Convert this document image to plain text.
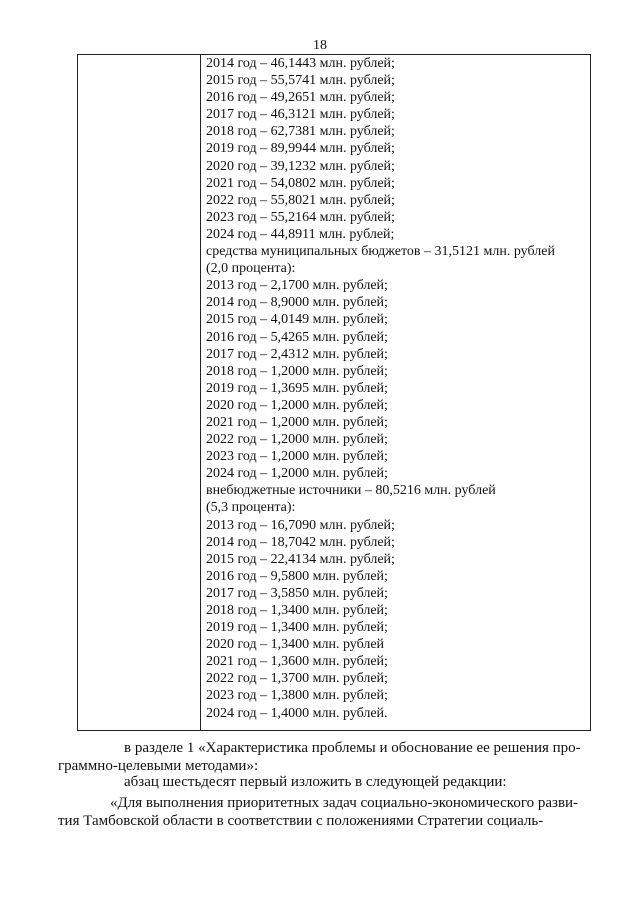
18
2014 год – 46,1443 млн. рублей;
2015 год – 55,5741 млн. рублей;
2016 год – 49,2651 млн. рублей;
2017 год – 46,3121 млн. рублей;
2018 год – 62,7381 млн. рублей;
2019 год – 89,9944 млн. рублей;
2020 год – 39,1232 млн. рублей;
2021 год – 54,0802 млн. рублей;
2022 год – 55,8021 млн. рублей;
2023 год – 55,2164 млн. рублей;
2024 год – 44,8911 млн. рублей;
средства муниципальных бюджетов – 31,5121 млн. рублей
(2,0 процента):
2013 год – 2,1700 млн. рублей;
2014 год – 8,9000 млн. рублей;
2015 год – 4,0149 млн. рублей;
2016 год – 5,4265 млн. рублей;
2017 год – 2,4312 млн. рублей;
2018 год – 1,2000 млн. рублей;
2019 год – 1,3695 млн. рублей;
2020 год – 1,2000 млн. рублей;
2021 год – 1,2000 млн. рублей;
2022 год – 1,2000 млн. рублей;
2023 год – 1,2000 млн. рублей;
2024 год – 1,2000 млн. рублей;
внебюджетные источники – 80,5216 млн. рублей
(5,3 процента):
2013 год – 16,7090 млн. рублей;
2014 год – 18,7042 млн. рублей;
2015 год – 22,4134 млн. рублей;
2016 год – 9,5800 млн. рублей;
2017 год – 3,5850 млн. рублей;
2018 год – 1,3400 млн. рублей;
2019 год – 1,3400 млн. рублей;
2020 год – 1,3400 млн. рублей
2021 год – 1,3600 млн. рублей;
2022 год – 1,3700 млн. рублей;
2023 год – 1,3800 млн. рублей;
2024 год – 1,4000 млн. рублей.

в разделе 1 «Характеристика проблемы и обоснование ее решения про-
граммно-целевыми методами»:

абзац шестьдесят первый изложить в следующей редакции:

«Для выполнения приоритетных задач социально-экономического разви-
тия Тамбовской области в соответствии с положениями Стратегии социаль-
